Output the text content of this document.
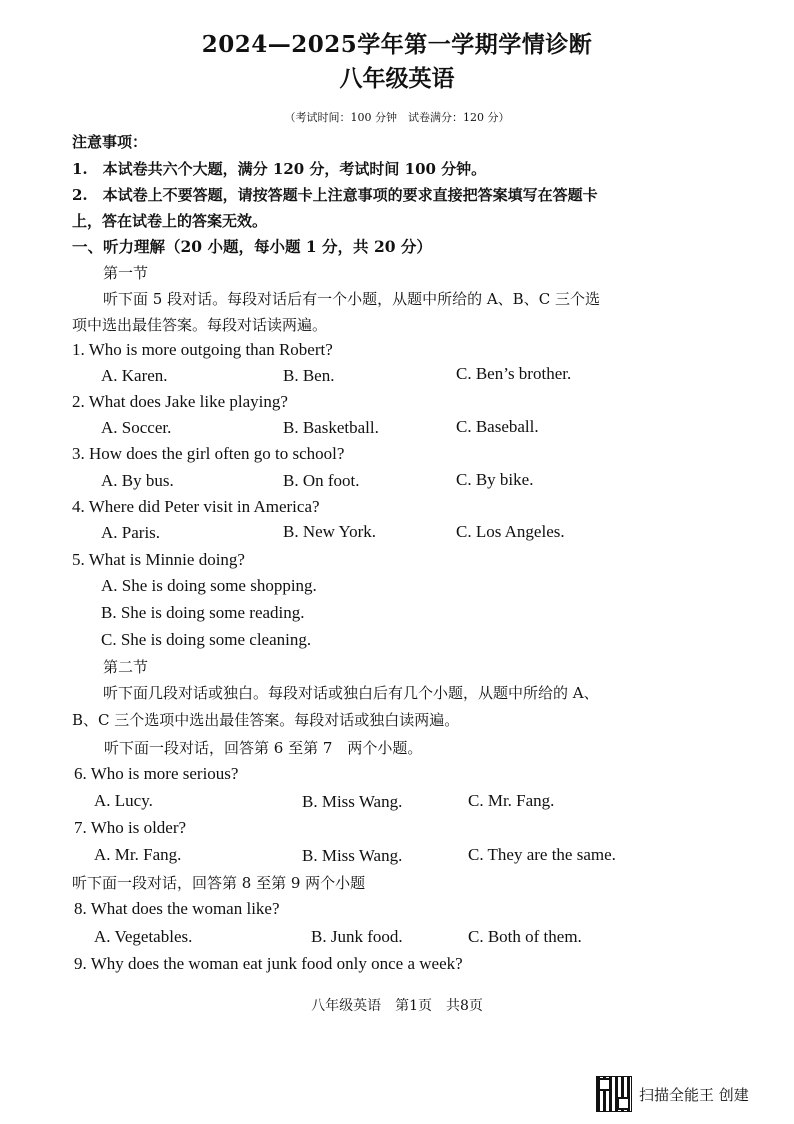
2024—2025学年第一学期学情诊断
八年级英语
（考试时间：100 分钟　试卷满分：120 分）
注意事项：
1.　本试卷共六个大题，满分 120 分，考试时间 100 分钟。
2.　本试卷上不要答题，请按答题卡上注意事项的要求直接把答案填写在答题卡
上，答在试卷上的答案无效。
一、听力理解（20 小题，每小题 1 分，共 20 分）
第一节
听下面 5 段对话。每段对话后有一个小题，从题中所给的 A、B、C 三个选
项中选出最佳答案。每段对话读两遍。
1. Who is more outgoing than Robert?
A. Karen.	B. Ben.	C. Ben’s brother.
2. What does Jake like playing?
A. Soccer.	B. Basketball.	C. Baseball.
3. How does the girl often go to school?
A. By bus.	B. On foot.	C. By bike.
4. Where did Peter visit in America?
A. Paris.	B. New York.	C. Los Angeles.
5. What is Minnie doing?
A. She is doing some shopping.
B. She is doing some reading.
C. She is doing some cleaning.
第二节
听下面几段对话或独白。每段对话或独白后有几个小题，从题中所给的 A、
B、C 三个选项中选出最佳答案。每段对话或独白读两遍。
听下面一段对话，回答第 6 至第 7　两个小题。
6. Who is more serious?
A. Lucy.	B. Miss Wang.	C. Mr. Fang.
7. Who is older?
A. Mr. Fang.	B. Miss Wang.	C. They are the same.
听下面一段对话，回答第 8 至第 9 两个小题
8. What does the woman like?
A. Vegetables.	B. Junk food.	C. Both of them.
9. Why does the woman eat junk food only once a week?
八年级英语　第1页　共8页
扫描全能王 创建
